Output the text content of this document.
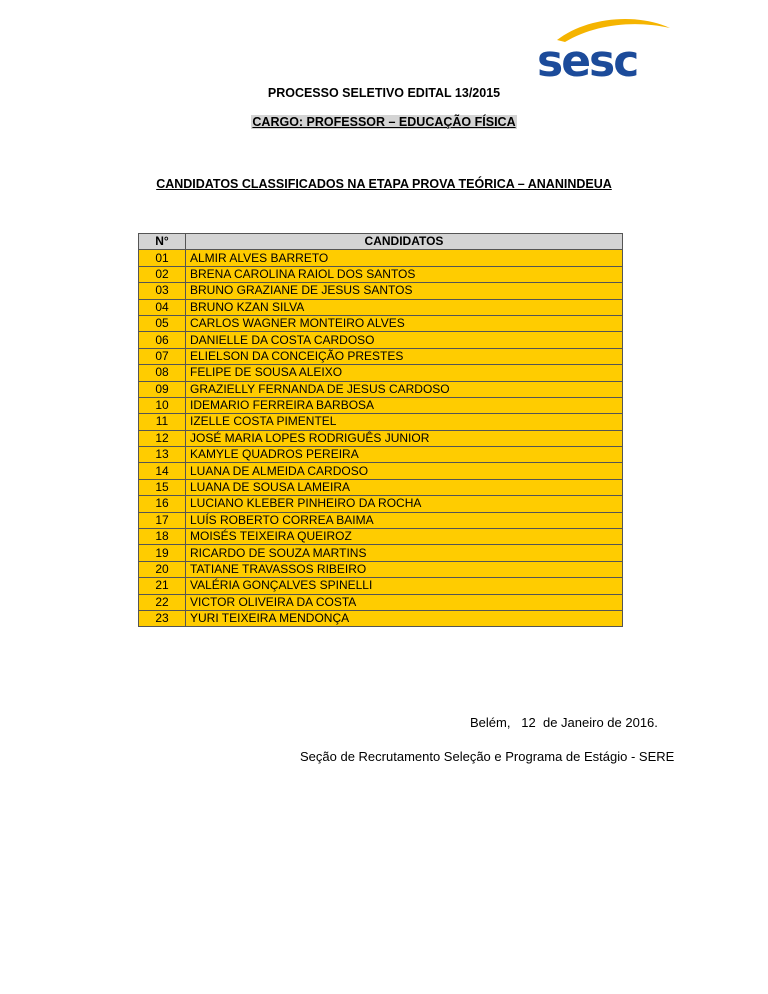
sesc
PROCESSO SELETIVO EDITAL 13/2015
CARGO: PROFESSOR – EDUCAÇÃO FÍSICA
CANDIDATOS CLASSIFICADOS NA ETAPA PROVA TEÓRICA – ANANINDEUA
N°	CANDIDATOS
01	ALMIR ALVES BARRETO
02	BRENA CAROLINA RAIOL DOS SANTOS
03	BRUNO GRAZIANE DE JESUS SANTOS
04	BRUNO KZAN SILVA
05	CARLOS WAGNER MONTEIRO ALVES
06	DANIELLE DA COSTA CARDOSO
07	ELIELSON DA CONCEIÇÃO PRESTES
08	FELIPE DE SOUSA ALEIXO
09	GRAZIELLY FERNANDA DE JESUS CARDOSO
10	IDEMARIO FERREIRA BARBOSA
11	IZELLE COSTA PIMENTEL
12	JOSÉ MARIA LOPES RODRIGUÊS JUNIOR
13	KAMYLE QUADROS PEREIRA
14	LUANA DE ALMEIDA CARDOSO
15	LUANA DE SOUSA LAMEIRA
16	LUCIANO KLEBER PINHEIRO DA ROCHA
17	LUÍS ROBERTO CORREA BAIMA
18	MOISÉS TEIXEIRA QUEIROZ
19	RICARDO DE SOUZA MARTINS
20	TATIANE TRAVASSOS RIBEIRO
21	VALÉRIA GONÇALVES SPINELLI
22	VICTOR OLIVEIRA DA COSTA
23	YURI TEIXEIRA MENDONÇA
Belém,   12  de Janeiro de 2016.
Seção de Recrutamento Seleção e Programa de Estágio - SERE
